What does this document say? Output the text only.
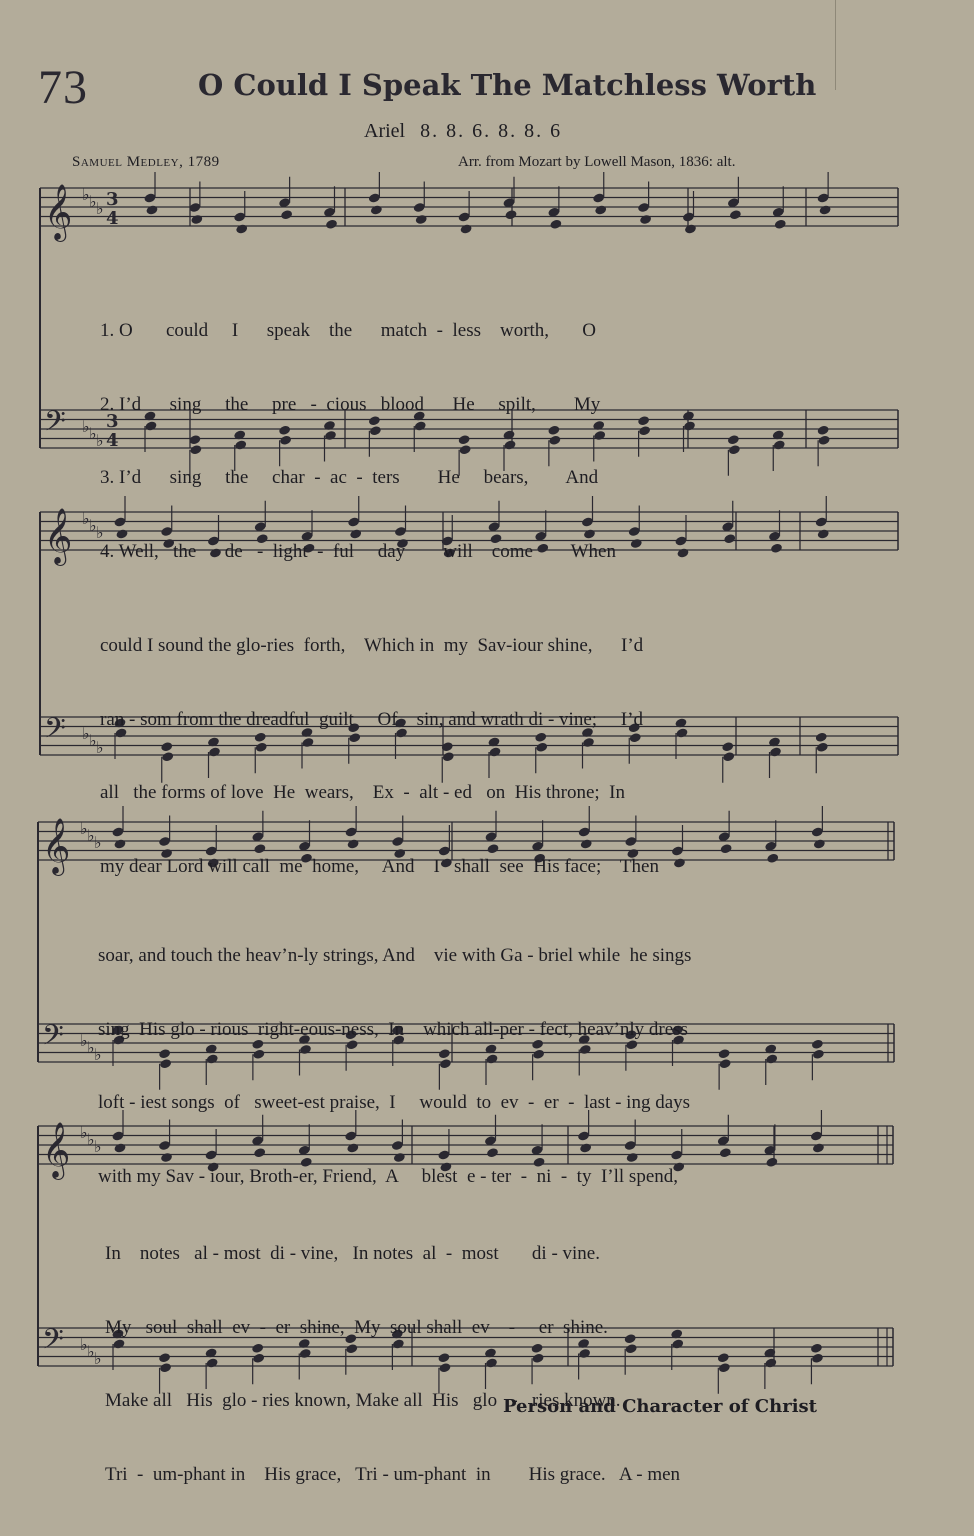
73	O Could I Speak The Matchless Worth
Ariel 8. 8. 6. 8. 8. 6
Samuel Medley, 1789	Arr. from Mozart by Lowell Mason, 1836: alt.
𝄞 ♭ ♭ ♭
𝄢 ♭ ♭ ♭
𝄞 ♭ ♭ ♭
𝄢 ♭ ♭ ♭
𝄞 ♭ ♭ ♭
𝄢 ♭ ♭ ♭
𝄞 ♭ ♭ ♭
𝄢 ♭ ♭ ♭
3
4
3
4

1. O       could     I      speak    the      match  -  less    worth,       O

2. I’d      sing     the     pre   -  cious   blood      He     spilt,        My

3. I’d      sing     the     char  -  ac  -  ters        He     bears,        And

4. Well,   the      de   -  light  -  ful     day        will    come        When

could I sound the glo-ries  forth,    Which in  my  Sav-iour shine,      I’d

ran - som from the dreadful  guilt     Of    sin, and wrath di - vine;     I’d

all   the forms of love  He  wears,    Ex  -  alt - ed   on  His throne;  In

my dear Lord will call  me  home,     And    I   shall  see  His face;    Then

soar, and touch the heav’n-ly strings, And    vie with Ga - briel while  he sings

sing  His glo - rious  right-eous-ness,  In    which all-per - fect, heav’nly dress

loft - iest songs  of   sweet-est praise,  I     would  to  ev  -  er  -  last - ing days

with my Sav - iour, Broth-er, Friend,  A     blest  e - ter  -  ni  -  ty  I’ll spend,

In    notes   al - most  di - vine,   In notes  al  -  most       di - vine.

My   soul  shall  ev  -  er  shine,  My  soul shall  ev    -     er  shine.

Make all   His  glo - ries known, Make all  His   glo   -   ries known.

Tri  -  um-phant in    His grace,   Tri - um-phant  in        His grace.   A - men

Person and Character of Christ
